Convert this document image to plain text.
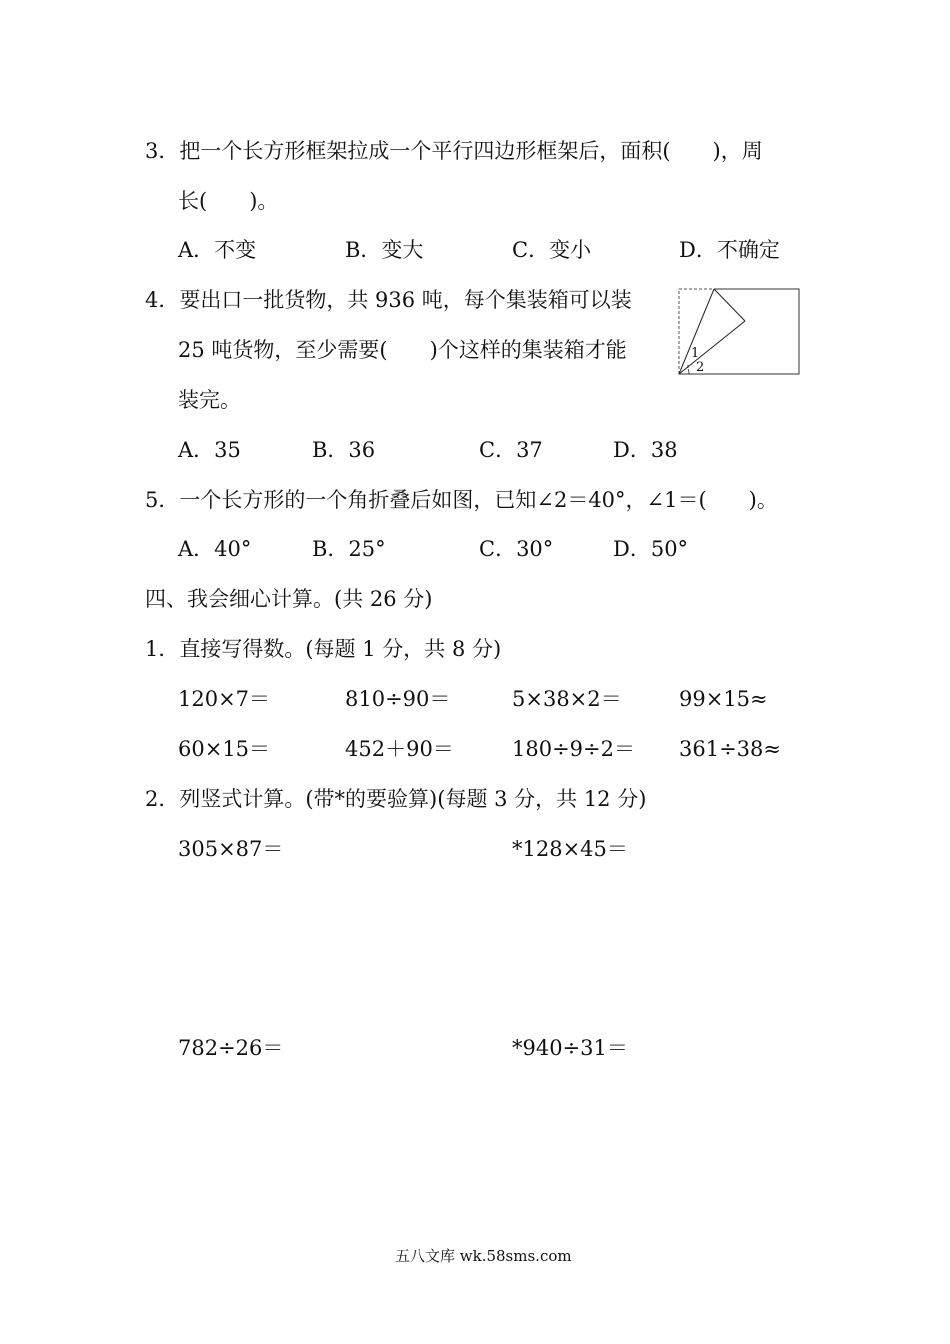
3．把一个长方形框架拉成一个平行四边形框架后，面积(　　)，周
长(　　)。
A．不变	B．变大	C．变小	D．不确定
4．要出口一批货物，共 936 吨，每个集装箱可以装
25 吨货物，至少需要(　　)个这样的集装箱才能
装完。
A．35	B．36	C．37	D．38
1
2
5．一个长方形的一个角折叠后如图，已知∠2＝40°，∠1＝(　　)。
A．40°	B．25°	C．30°	D．50°
四、我会细心计算。(共 26 分)
1．直接写得数。(每题 1 分，共 8 分)
120×7＝	810÷90＝	5×38×2＝	99×15≈
60×15＝	452＋90＝	180÷9÷2＝ 361÷38≈
2．列竖式计算。(带*的要验算)(每题 3 分，共 12 分)
305×87＝	*128×45＝
782÷26＝	*940÷31＝
五八文库 wk.58sms.com
